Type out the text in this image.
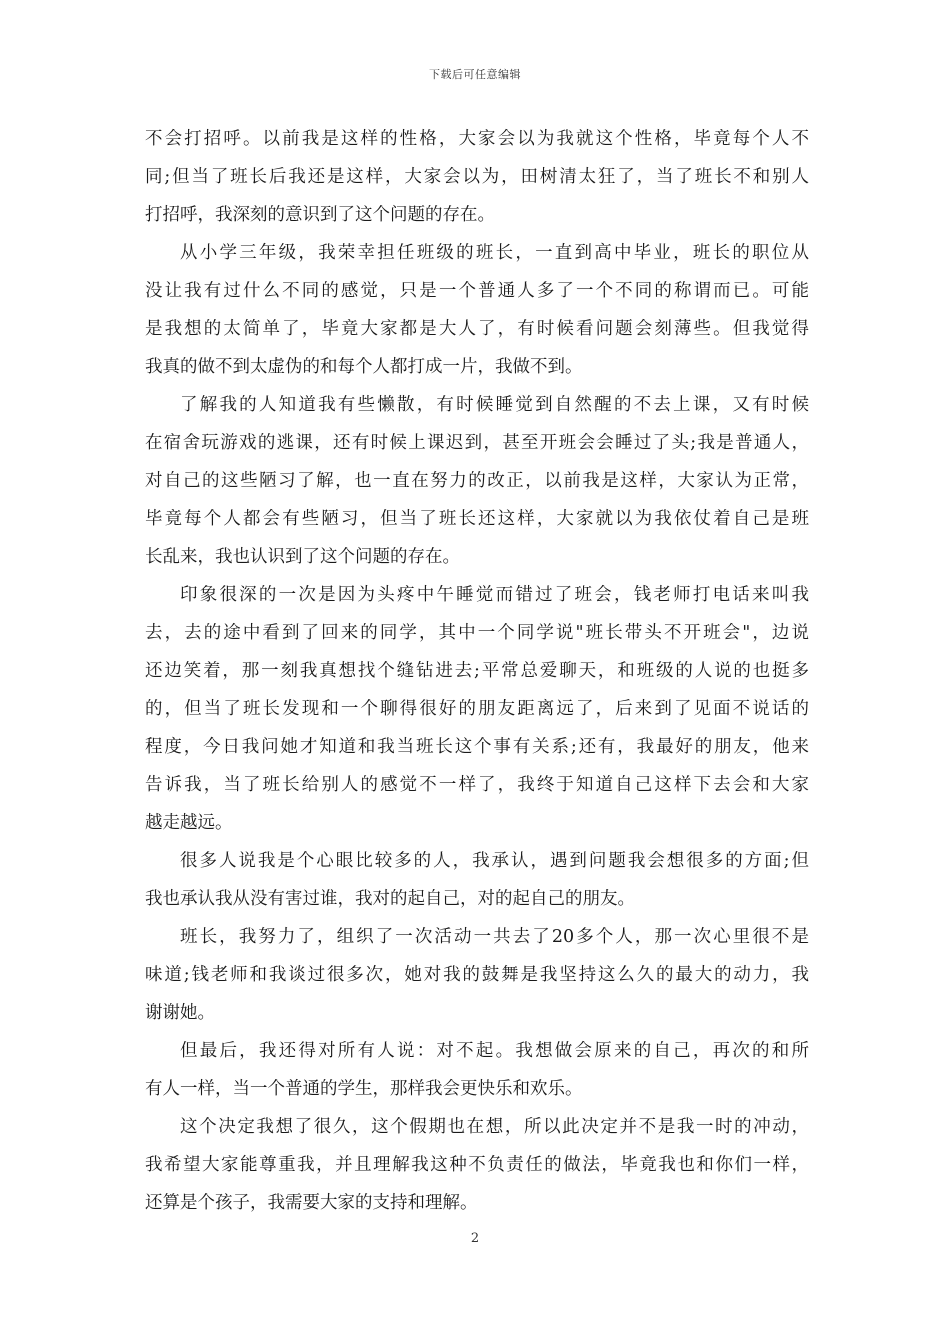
下载后可任意编辑
不会打招呼。以前我是这样的性格，大家会以为我就这个性格，毕竟每个人不
同;但当了班长后我还是这样，大家会以为，田树清太狂了，当了班长不和别人
打招呼，我深刻的意识到了这个问题的存在。
从小学三年级，我荣幸担任班级的班长，一直到高中毕业，班长的职位从
没让我有过什么不同的感觉，只是一个普通人多了一个不同的称谓而已。可能
是我想的太简单了，毕竟大家都是大人了，有时候看问题会刻薄些。但我觉得
我真的做不到太虚伪的和每个人都打成一片，我做不到。
了解我的人知道我有些懒散，有时候睡觉到自然醒的不去上课，又有时候
在宿舍玩游戏的逃课，还有时候上课迟到，甚至开班会会睡过了头;我是普通人，
对自己的这些陋习了解，也一直在努力的改正，以前我是这样，大家认为正常，
毕竟每个人都会有些陋习，但当了班长还这样，大家就以为我依仗着自己是班
长乱来，我也认识到了这个问题的存在。
印象很深的一次是因为头疼中午睡觉而错过了班会，钱老师打电话来叫我
去，去的途中看到了回来的同学，其中一个同学说"班长带头不开班会"，边说
还边笑着，那一刻我真想找个缝钻进去;平常总爱聊天，和班级的人说的也挺多
的，但当了班长发现和一个聊得很好的朋友距离远了，后来到了见面不说话的
程度，今日我问她才知道和我当班长这个事有关系;还有，我最好的朋友，他来
告诉我，当了班长给别人的感觉不一样了，我终于知道自己这样下去会和大家
越走越远。
很多人说我是个心眼比较多的人，我承认，遇到问题我会想很多的方面;但
我也承认我从没有害过谁，我对的起自己，对的起自己的朋友。
班长，我努力了，组织了一次活动一共去了20多个人，那一次心里很不是
味道;钱老师和我谈过很多次，她对我的鼓舞是我坚持这么久的最大的动力，我
谢谢她。
但最后，我还得对所有人说：对不起。我想做会原来的自己，再次的和所
有人一样，当一个普通的学生，那样我会更快乐和欢乐。
这个决定我想了很久，这个假期也在想，所以此决定并不是我一时的冲动，
我希望大家能尊重我，并且理解我这种不负责任的做法，毕竟我也和你们一样，
还算是个孩子，我需要大家的支持和理解。
2
